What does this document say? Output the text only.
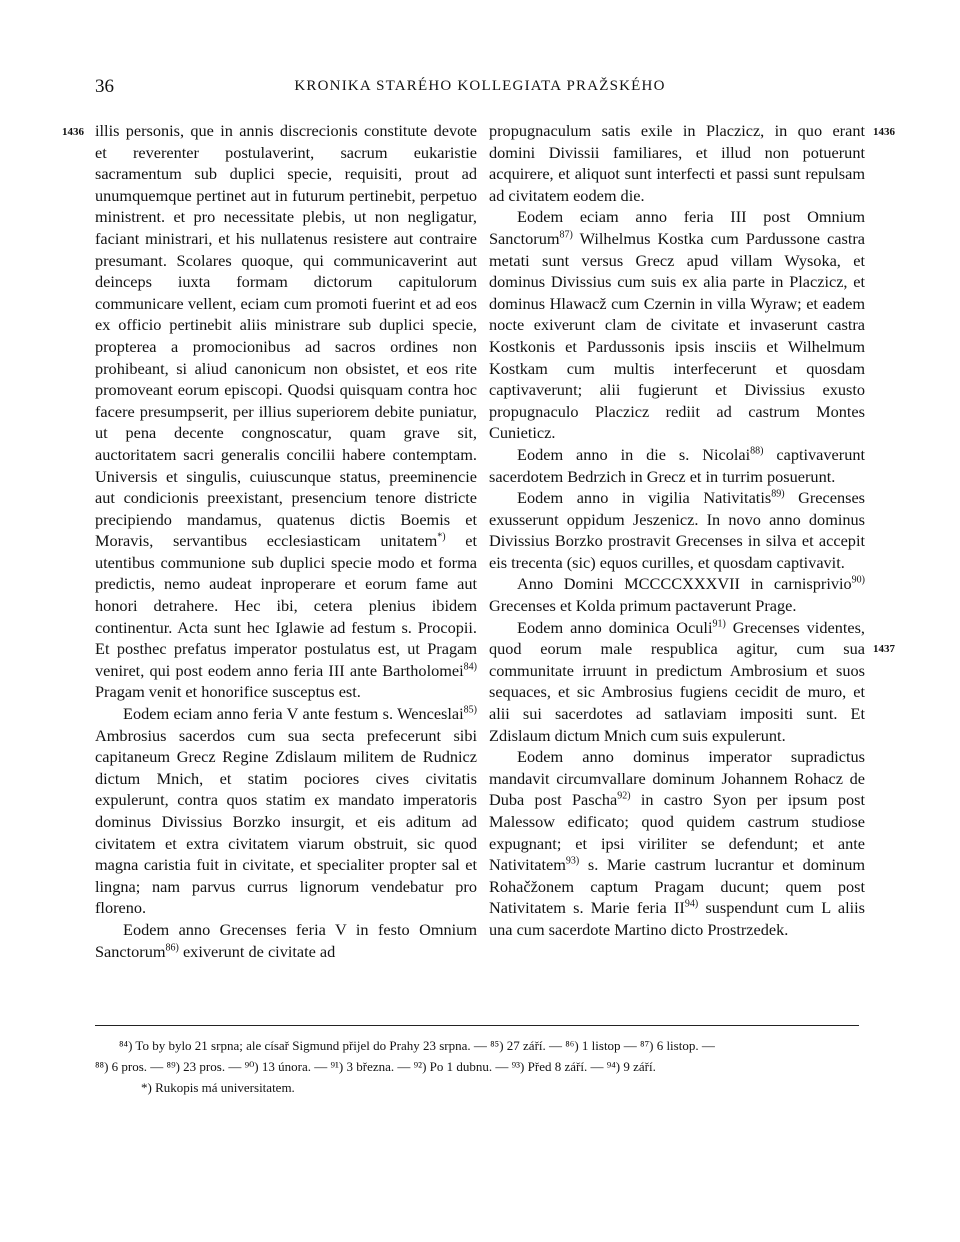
36	KRONIKA STARÉHO KOLLEGIATA PRAŽSKÉHO
1436	1436
1437

illis personis, que in annis discrecionis constitute devote et reverenter postulaverint, sacrum eukaristie sacramentum sub duplici specie, requisiti, prout ad unumquemque pertinet aut in futurum pertinebit, perpetuo ministrent. et pro necessitate plebis, ut non negligatur, faciant ministrari, et his nullatenus resistere aut contraire presumant. Scolares quoque, qui communicaverint aut deinceps iuxta formam dictorum capitulorum communicare vellent, eciam cum promoti fuerint et ad eos ex officio pertinebit aliis ministrare sub duplici specie, propterea a promocionibus ad sacros ordines non prohibeant, si aliud canonicum non obsistet, et eos rite promoveant eorum episcopi. Quodsi quisquam contra hoc facere presumpserit, per illius superiorem debite puniatur, ut pena decente congnoscatur, quam grave sit, auctoritatem sacri generalis concilii habere contemptam. Universis et singulis, cuiuscunque status, preeminencie aut condicionis preexistant, presencium tenore districte precipiendo mandamus, quatenus dictis Boemis et Moravis, servantibus ecclesiasticam unitatem*) et utentibus communione sub duplici specie modo et forma predictis, nemo audeat inproperare et eorum fame aut honori detrahere. Hec ibi, cetera plenius ibidem continentur. Acta sunt hec Iglawie ad festum s. Procopii. Et posthec prefatus imperator postulatus est, ut Pragam veniret, qui post eodem anno feria III ante Bartholomei$^{84)}$ Pragam venit et honorifice susceptus est.

Eodem eciam anno feria V ante festum s. Wenceslai$^{85)}$ Ambrosius sacerdos cum sua secta prefecerunt sibi capitaneum Grecz Regine Zdislaum militem de Rudnicz dictum Mnich, et statim pociores cives civitatis expulerunt, contra quos statim ex mandato imperatoris dominus Divissius Borzko insurgit, et eis aditum ad civitatem et extra civitatem viarum obstruit, sic quod magna caristia fuit in civitate, et specialiter propter sal et lingna; nam parvus currus lignorum vendebatur pro floreno.

Eodem anno Grecenses feria V in festo Omnium Sanctorum$^{86)}$ exiverunt de civitate ad

propugnaculum satis exile in Placzicz, in quo erant domini Divissii familiares, et illud non potuerunt acquirere, et aliquot sunt interfecti et passi sunt repulsam ad civitatem eodem die.

Eodem eciam anno feria III post Omnium Sanctorum$^{87)}$ Wilhelmus Kostka cum Pardussone castra metati sunt versus Grecz apud villam Wysoka, et dominus Divissius cum suis ex alia parte in Placzicz, et dominus Hlawacž cum Czernin in villa Wyraw; et eadem nocte exiverunt clam de civitate et invaserunt castra Kostkonis et Pardussonis ipsis insciis et Wilhelmum Kostkam cum multis interfecerunt et quosdam captivaverunt; alii fugierunt et Divissius exusto propugnaculo Placzicz rediit ad castrum Montes Cunieticz.

Eodem anno in die s. Nicolai$^{88)}$ captivaverunt sacerdotem Bedrzich in Grecz et in turrim posuerunt.

Eodem anno in vigilia Nativitatis$^{89)}$ Grecenses exusserunt oppidum Jeszenicz. In novo anno dominus Divissius Borzko prostravit Grecenses in silva et accepit eis trecenta (sic) equos curilles, et quosdam captivavit.

Anno Domini MCCCCXXXVII in carnisprivio$^{90)}$ Grecenses et Kolda primum pactaverunt Prage.

Eodem anno dominica Oculi$^{91)}$ Grecenses videntes, quod eorum male respublica agitur, cum sua communitate irruunt in predictum Ambrosium et suos sequaces, et sic Ambrosius fugiens cecidit de muro, et alii sui sacerdotes ad satlaviam impositi sunt. Et Zdislaum dictum Mnich cum suis expulerunt.

Eodem anno dominus imperator supradictus mandavit circumvallare dominum Johannem Rohacz de Duba post Pascha$^{92)}$ in castro Syon per ipsum post Malessow edificato; quod quidem castrum studiose expugnant; et ipsi viriliter se defendunt; et ante Nativitatem$^{93)}$ s. Marie castrum lucrantur et dominum Rohačžonem captum Pragam ducunt; quem post Nativitatem s. Marie feria II$^{94)}$ suspendunt cum L aliis una cum sacerdote Martino dicto Prostrzedek.

⁸⁴) To by bylo 21 srpna; ale císař Sigmund přijel do Prahy 23 srpna. — ⁸⁵) 27 září. — ⁸⁶) 1 listop — ⁸⁷) 6 listop. —

⁸⁸) 6 pros. — ⁸⁹) 23 pros. — ⁹⁰) 13 února. — ⁹¹) 3 března. — ⁹²) Po 1 dubnu. — ⁹³) Před 8 září. — ⁹⁴) 9 září.

*) Rukopis má universitatem.
